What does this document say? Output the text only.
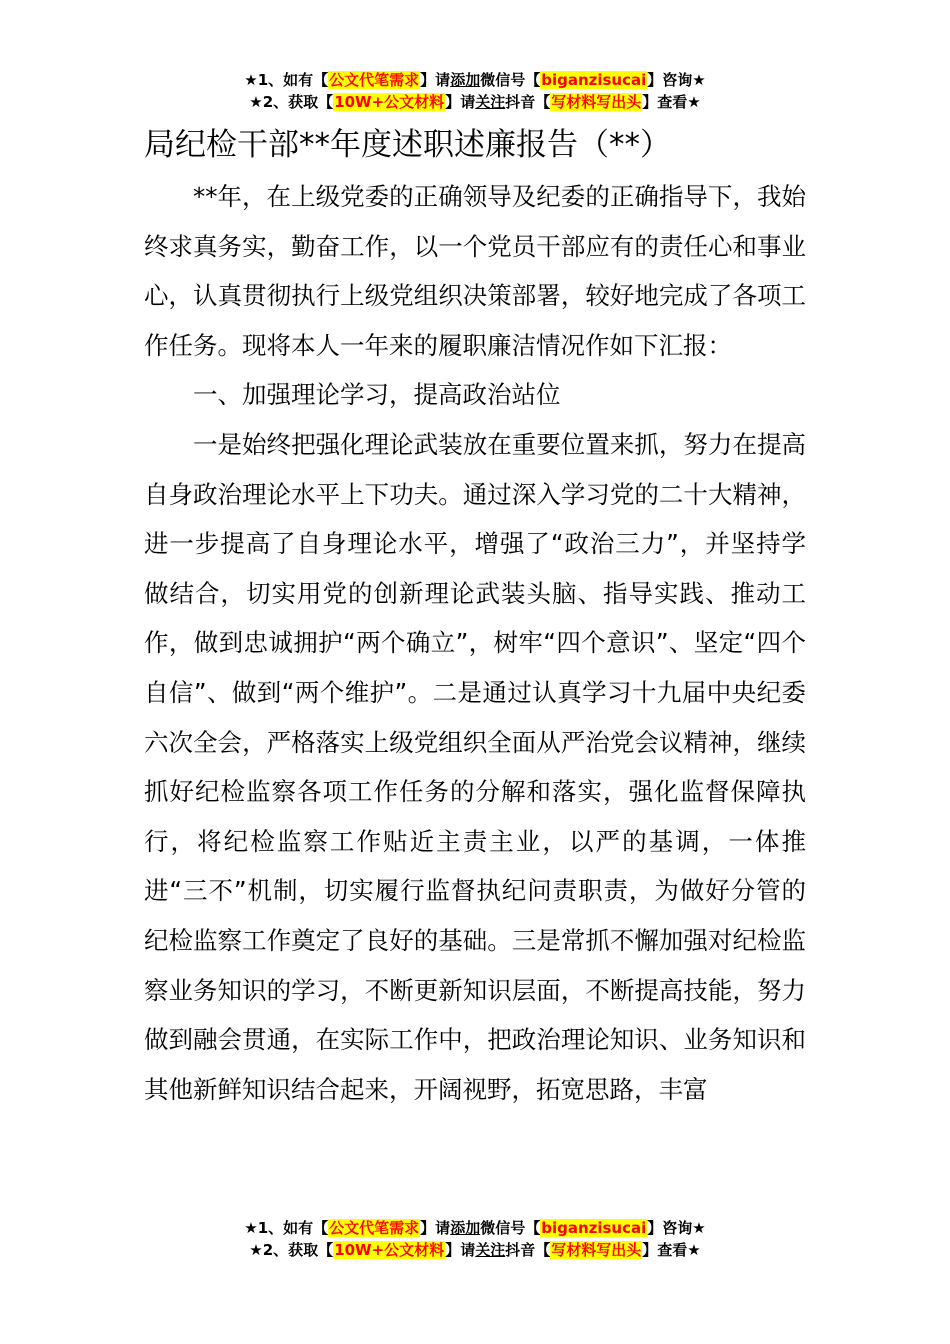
★1、如有【公文代笔需求】请添加微信号【biganzisucai】咨询★
★2、获取【10W+公文材料】请关注抖音【写材料写出头】查看★
局纪检干部**年度述职述廉报告（**）

**年，在上级党委的正确领导及纪委的正确指导下，我始终求真务实，勤奋工作，以一个党员干部应有的责任心和事业心，认真贯彻执行上级党组织决策部署，较好地完成了各项工作任务。现将本人一年来的履职廉洁情况作如下汇报：

一、加强理论学习，提高政治站位

一是始终把强化理论武装放在重要位置来抓，努力在提高自身政治理论水平上下功夫。通过深入学习党的二十大精神，进一步提高了自身理论水平，增强了“政治三力”，并坚持学做结合，切实用党的创新理论武装头脑、指导实践、推动工作，做到忠诚拥护“两个确立”，树牢“四个意识”、坚定“四个自信”、做到“两个维护”。二是通过认真学习十九届中央纪委六次全会，严格落实上级党组织全面从严治党会议精神，继续抓好纪检监察各项工作任务的分解和落实，强化监督保障执行，将纪检监察工作贴近主责主业，以严的基调，一体推进“三不”机制，切实履行监督执纪问责职责，为做好分管的纪检监察工作奠定了良好的基础。三是常抓不懈加强对纪检监察业务知识的学习，不断更新知识层面，不断提高技能，努力做到融会贯通，在实际工作中，把政治理论知识、业务知识和其他新鲜知识结合起来，开阔视野，拓宽思路，丰富

★1、如有【公文代笔需求】请添加微信号【biganzisucai】咨询★
★2、获取【10W+公文材料】请关注抖音【写材料写出头】查看★
